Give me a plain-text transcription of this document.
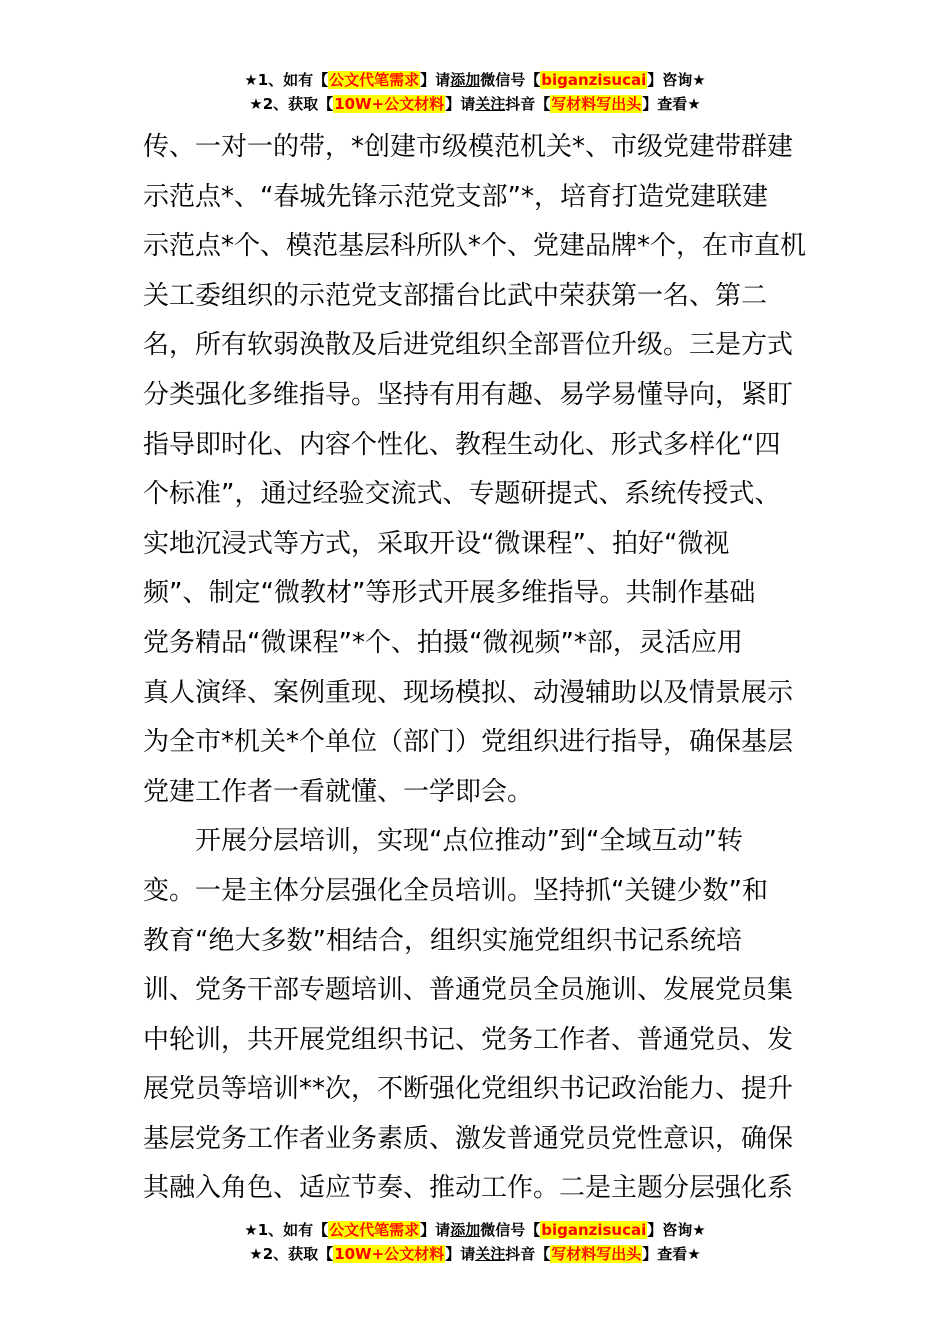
★1、如有【公文代笔需求】请添加微信号【biganzisucai】咨询★
★2、获取【10W+公文材料】请关注抖音【写材料写出头】查看★
传、一对一的带，*创建市级模范机关*、市级党建带群建
示范点*、“春城先锋示范党支部”*，培育打造党建联建
示范点*个、模范基层科所队*个、党建品牌*个，在市直机
关工委组织的示范党支部擂台比武中荣获第一名、第二
名，所有软弱涣散及后进党组织全部晋位升级。三是方式
分类强化多维指导。坚持有用有趣、易学易懂导向，紧盯
指导即时化、内容个性化、教程生动化、形式多样化“四
个标准”，通过经验交流式、专题研提式、系统传授式、
实地沉浸式等方式，采取开设“微课程”、拍好“微视
频”、制定“微教材”等形式开展多维指导。共制作基础
党务精品“微课程”*个、拍摄“微视频”*部，灵活应用
真人演绎、案例重现、现场模拟、动漫辅助以及情景展示
为全市*机关*个单位（部门）党组织进行指导，确保基层
党建工作者一看就懂、一学即会。
开展分层培训，实现“点位推动”到“全域互动”转
变。一是主体分层强化全员培训。坚持抓“关键少数”和
教育“绝大多数”相结合，组织实施党组织书记系统培
训、党务干部专题培训、普通党员全员施训、发展党员集
中轮训，共开展党组织书记、党务工作者、普通党员、发
展党员等培训**次，不断强化党组织书记政治能力、提升
基层党务工作者业务素质、激发普通党员党性意识，确保
其融入角色、适应节奏、推动工作。二是主题分层强化系
★1、如有【公文代笔需求】请添加微信号【biganzisucai】咨询★
★2、获取【10W+公文材料】请关注抖音【写材料写出头】查看★
